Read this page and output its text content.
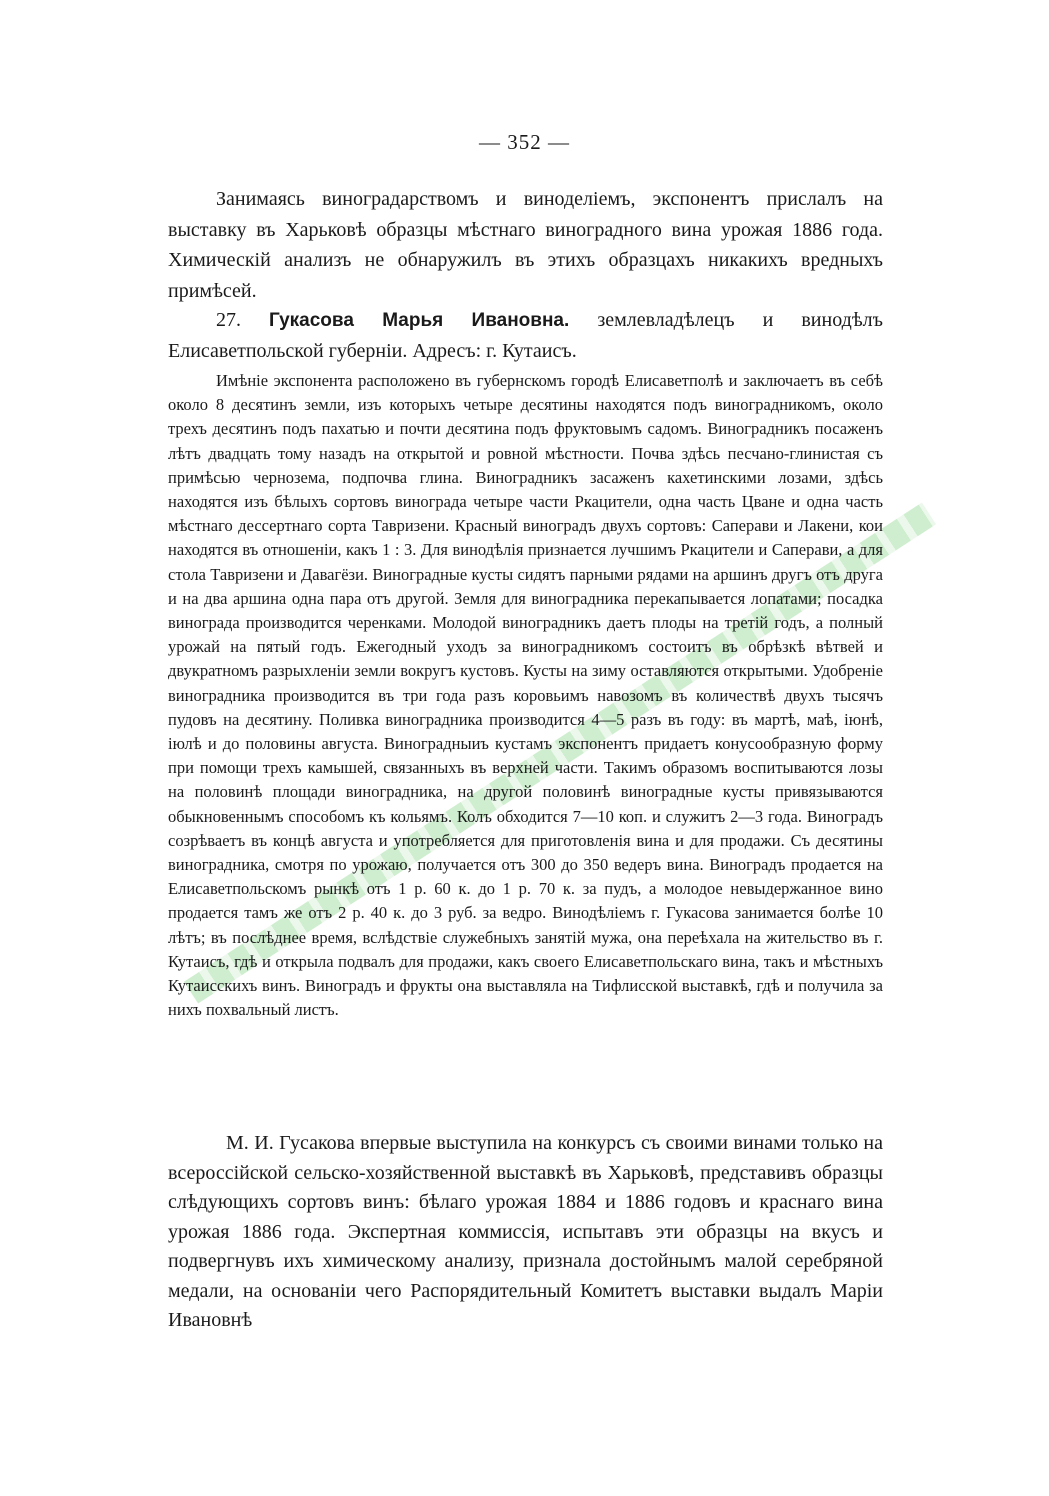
— 352 —

Занимаясь виноградарствомъ и виноделіемъ, экспонентъ прислалъ на выставку въ Харьковѣ образцы мѣстнаго виноградного вина урожая 1886 года. Химическій анализъ не обнаружилъ въ этихъ образцахъ никакихъ вредныхъ примѣсей.

27. Гукасова Марья Ивановна. землевладѣлецъ и винодѣлъ Елисаветпольской губерніи. Адресъ: г. Кутаисъ.

Имѣніе экспонента расположено въ губернскомъ городѣ Елисаветполѣ и заключаетъ въ себѣ около 8 десятинъ земли, изъ которыхъ четыре десятины находятся подъ виноградникомъ, около трехъ десятинъ подъ пахатью и почти десятина подъ фруктовымъ садомъ. Виноградникъ посаженъ лѣтъ двадцать тому назадъ на открытой и ровной мѣстности. Почва здѣсь песчано-глинистая съ примѣсью чернозема, подпочва глина. Виноградникъ засаженъ кахетинскими лозами, здѣсь находятся изъ бѣлыхъ сортовъ винограда четыре части Ркацители, одна часть Цване и одна часть мѣстнаго дессертнаго сорта Тавризени. Красный виноградъ двухъ сортовъ: Саперави и Лакени, кои находятся въ отношеніи, какъ 1 : 3. Для винодѣлія признается лучшимъ Ркацители и Саперави, а для стола Тавризени и Давагёзи. Виноградные кусты сидятъ парными рядами на аршинъ другъ отъ друга и на два аршина одна пара отъ другой. Земля для виноградника перекапывается лопатами; посадка винограда производится черенками. Молодой виноградникъ даетъ плоды на третій годъ, а полный урожай на пятый годъ. Ежегодный уходъ за виноградникомъ состоитъ въ обрѣзкѣ вѣтвей и двукратномъ разрыхленіи земли вокругъ кустовъ. Кусты на зиму оставляются открытыми. Удобреніе виноградника производится въ три года разъ коровьимъ навозомъ въ количествѣ двухъ тысячъ пудовъ на десятину. Поливка виноградника производится 4—5 разъ въ году: въ мартѣ, маѣ, іюнѣ, іюлѣ и до половины августа. Виноградныиъ кустамъ экспонентъ придаетъ конусообразную форму при помощи трехъ камышей, связанныхъ въ верхней части. Такимъ образомъ воспитываются лозы на половинѣ площади виноградника, на другой половинѣ виноградные кусты привязываются обыкновеннымъ способомъ къ кольямъ. Колъ обходится 7—10 коп. и служитъ 2—3 года. Виноградъ созрѣваетъ въ концѣ августа и употребляется для приготовленія вина и для продажи. Съ десятины виноградника, смотря по урожаю, получается отъ 300 до 350 ведеръ вина. Виноградъ продается на Елисаветпольскомъ рынкѣ отъ 1 р. 60 к. до 1 р. 70 к. за пудъ, а молодое невыдержанное вино продается тамъ же отъ 2 р. 40 к. до 3 руб. за ведро. Винодѣліемъ г. Гукасова занимается болѣе 10 лѣтъ; въ послѣднее время, вслѣдствіе служебныхъ занятій мужа, она переѣхала на жительство въ г. Кутаисъ, гдѣ и открыла подвалъ для продажи, какъ своего Елисаветпольскаго вина, такъ и мѣстныхъ Кутаисскихъ винъ. Виноградъ и фрукты она выставляла на Тифлисской выставкѣ, гдѣ и получила за нихъ похвальный листъ.

М. И. Гусакова впервые выступила на конкурсъ съ своими винами только на всероссійской сельско-хозяйственной выставкѣ въ Харьковѣ, представивъ образцы слѣдующихъ сортовъ винъ: бѣлаго урожая 1884 и 1886 годовъ и краснаго вина урожая 1886 года. Экспертная коммиссія, испытавъ эти образцы на вкусъ и подвергнувъ ихъ химическому анализу, признала достойнымъ малой серебряной медали, на основаніи чего Распорядительный Комитетъ выставки выдалъ Маріи Ивановнѣ
